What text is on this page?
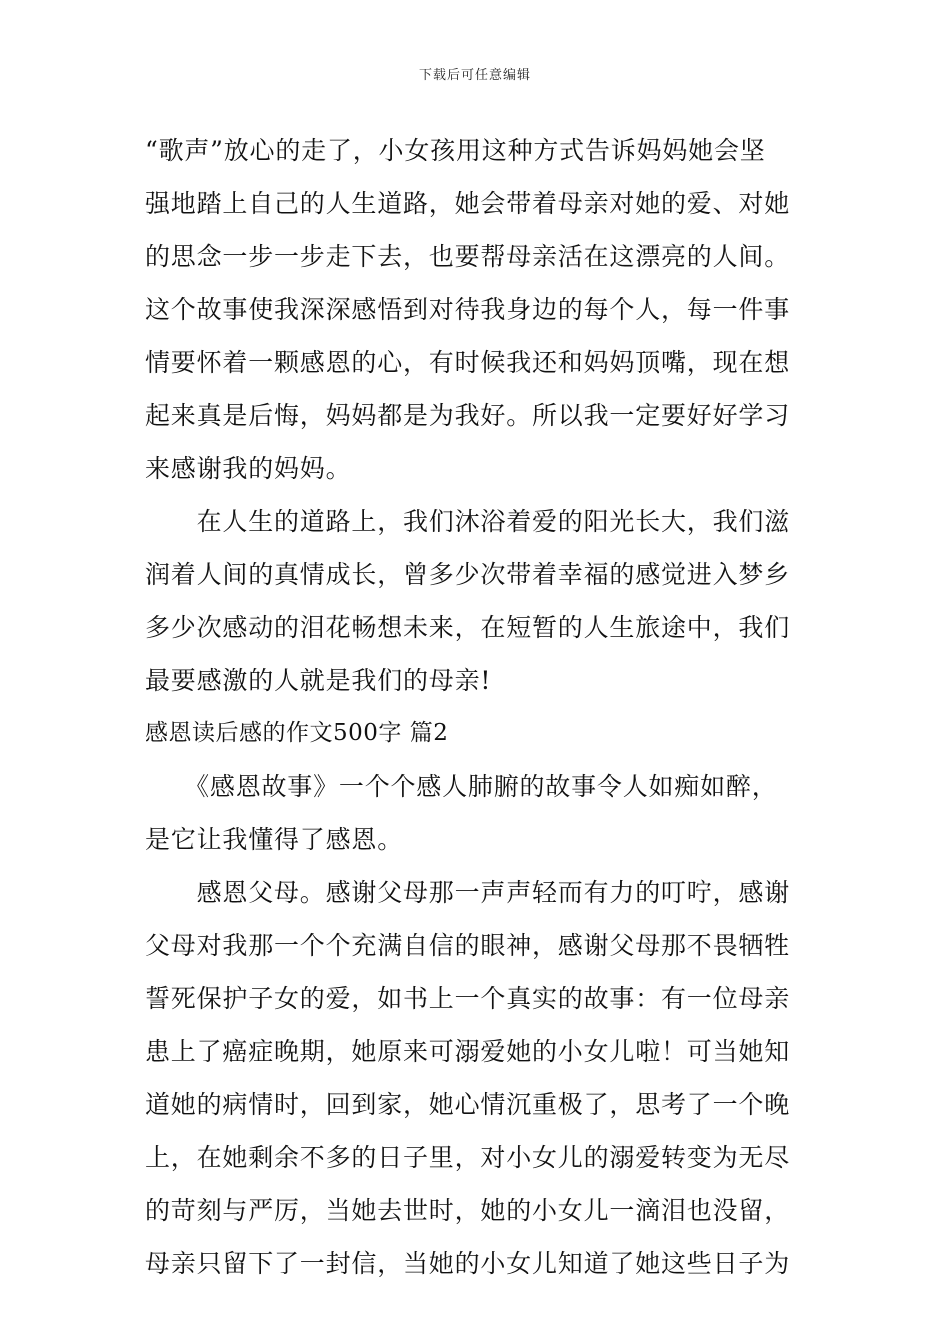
下载后可任意编辑
“歌声”放心的走了，小女孩用这种方式告诉妈妈她会坚
强地踏上自己的人生道路，她会带着母亲对她的爱、对她
的思念一步一步走下去，也要帮母亲活在这漂亮的人间。
这个故事使我深深感悟到对待我身边的每个人，每一件事
情要怀着一颗感恩的心，有时候我还和妈妈顶嘴，现在想
起来真是后悔，妈妈都是为我好。所以我一定要好好学习
来感谢我的妈妈。
　　在人生的道路上，我们沐浴着爱的阳光长大，我们滋
润着人间的真情成长，曾多少次带着幸福的感觉进入梦乡
多少次感动的泪花畅想未来，在短暂的人生旅途中，我们
最要感激的人就是我们的母亲!
感恩读后感的作文500字 篇2
　　《感恩故事》一个个感人肺腑的故事令人如痴如醉，
是它让我懂得了感恩。
　　感恩父母。感谢父母那一声声轻而有力的叮咛，感谢
父母对我那一个个充满自信的眼神，感谢父母那不畏牺牲
誓死保护子女的爱，如书上一个真实的故事：有一位母亲
患上了癌症晚期，她原来可溺爱她的小女儿啦！可当她知
道她的病情时，回到家，她心情沉重极了，思考了一个晚
上，在她剩余不多的日子里，对小女儿的溺爱转变为无尽
的苛刻与严厉，当她去世时，她的小女儿一滴泪也没留，
母亲只留下了一封信，当她的小女儿知道了她这些日子为
